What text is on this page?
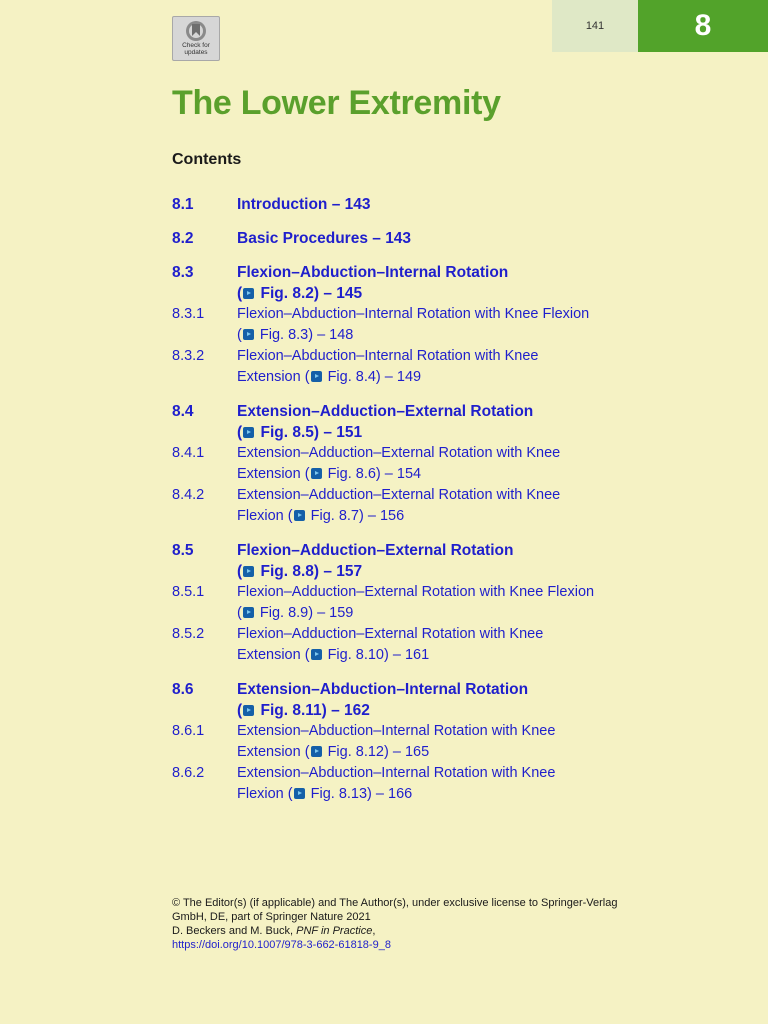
141	8
Check for
updates
The Lower Extremity
Contents
8.1	Introduction – 143
8.2	Basic Procedures – 143
8.3	Flexion–Abduction–Internal Rotation
( Fig. 8.2) – 145
8.3.1	Flexion–Abduction–Internal Rotation with Knee Flexion
( Fig. 8.3) – 148
8.3.2	Flexion–Abduction–Internal Rotation with Knee
Extension ( Fig. 8.4) – 149
8.4	Extension–Adduction–External Rotation
( Fig. 8.5) – 151
8.4.1	Extension–Adduction–External Rotation with Knee
Extension ( Fig. 8.6) – 154
8.4.2	Extension–Adduction–External Rotation with Knee
Flexion ( Fig. 8.7) – 156
8.5	Flexion–Adduction–External Rotation
( Fig. 8.8) – 157
8.5.1	Flexion–Adduction–External Rotation with Knee Flexion
( Fig. 8.9) – 159
8.5.2	Flexion–Adduction–External Rotation with Knee
Extension ( Fig. 8.10) – 161
8.6	Extension–Abduction–Internal Rotation
( Fig. 8.11) – 162
8.6.1	Extension–Abduction–Internal Rotation with Knee
Extension ( Fig. 8.12) – 165
8.6.2	Extension–Abduction–Internal Rotation with Knee
Flexion ( Fig. 8.13) – 166
© The Editor(s) (if applicable) and The Author(s), under exclusive license to Springer-Verlag
GmbH, DE, part of Springer Nature 2021
D. Beckers and M. Buck, PNF in Practice,
https://doi.org/10.1007/978-3-662-61818-9_8
